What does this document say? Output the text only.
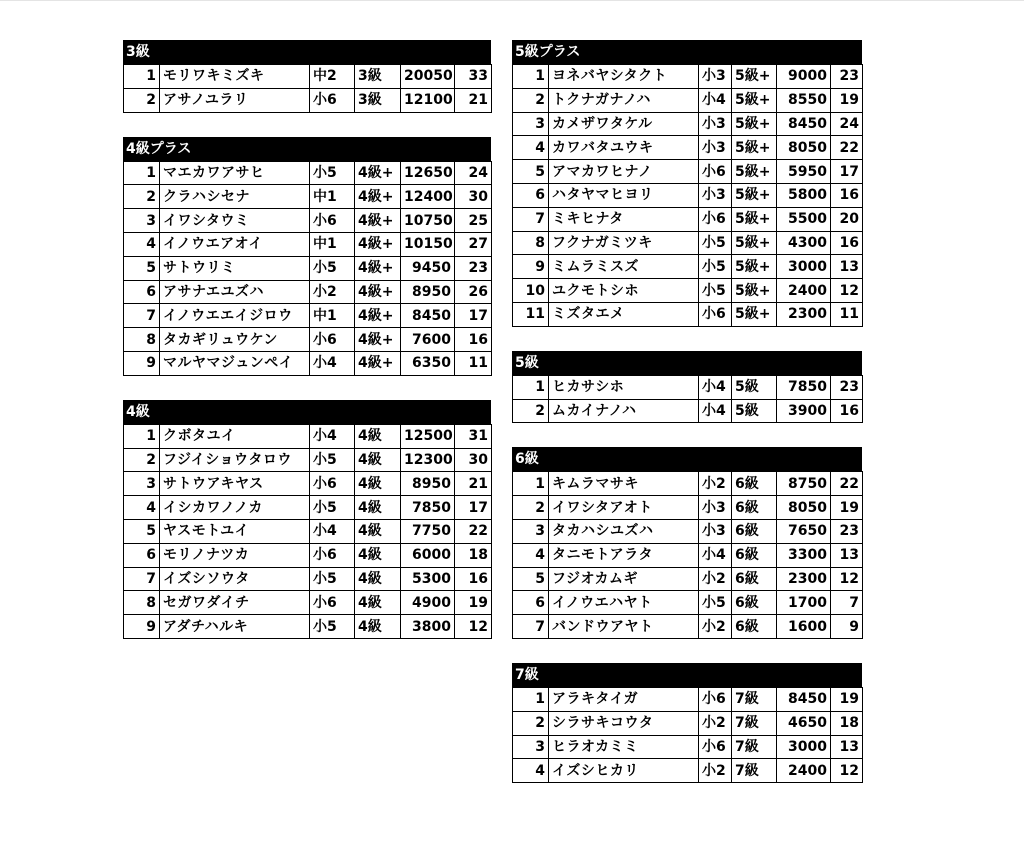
3級
1	モリワキミズキ	中2	3級	20050	33
2	アサノユラリ	小6	3級	12100	21
4級プラス
1	マエカワアサヒ	小5	4級+	12650	24
2	クラハシセナ	中1	4級+	12400	30
3	イワシタウミ	小6	4級+	10750	25
4	イノウエアオイ	中1	4級+	10150	27
5	サトウリミ	小5	4級+	9450	23
6	アサナエユズハ	小2	4級+	8950	26
7	イノウエエイジロウ	中1	4級+	8450	17
8	タカギリュウケン	小6	4級+	7600	16
9	マルヤマジュンペイ	小4	4級+	6350	11
4級
1	クボタユイ	小4	4級	12500	31
2	フジイショウタロウ	小5	4級	12300	30
3	サトウアキヤス	小6	4級	8950	21
4	イシカワノノカ	小5	4級	7850	17
5	ヤスモトユイ	小4	4級	7750	22
6	モリノナツカ	小6	4級	6000	18
7	イズシソウタ	小5	4級	5300	16
8	セガワダイチ	小6	4級	4900	19
9	アダチハルキ	小5	4級	3800	12
5級プラス
1	ヨネバヤシタクト	小3	5級+	9000	23
2	トクナガナノハ	小4	5級+	8550	19
3	カメザワタケル	小3	5級+	8450	24
4	カワバタユウキ	小3	5級+	8050	22
5	アマカワヒナノ	小6	5級+	5950	17
6	ハタヤマヒヨリ	小3	5級+	5800	16
7	ミキヒナタ	小6	5級+	5500	20
8	フクナガミツキ	小5	5級+	4300	16
9	ミムラミスズ	小5	5級+	3000	13
10	ユクモトシホ	小5	5級+	2400	12
11	ミズタエメ	小6	5級+	2300	11
5級
1	ヒカサシホ	小4	5級	7850	23
2	ムカイナノハ	小4	5級	3900	16
6級
1	キムラマサキ	小2	6級	8750	22
2	イワシタアオト	小3	6級	8050	19
3	タカハシユズハ	小3	6級	7650	23
4	タニモトアラタ	小4	6級	3300	13
5	フジオカムギ	小2	6級	2300	12
6	イノウエハヤト	小5	6級	1700	7
7	バンドウアヤト	小2	6級	1600	9
7級
1	アラキタイガ	小6	7級	8450	19
2	シラサキコウタ	小2	7級	4650	18
3	ヒラオカミミ	小6	7級	3000	13
4	イズシヒカリ	小2	7級	2400	12
